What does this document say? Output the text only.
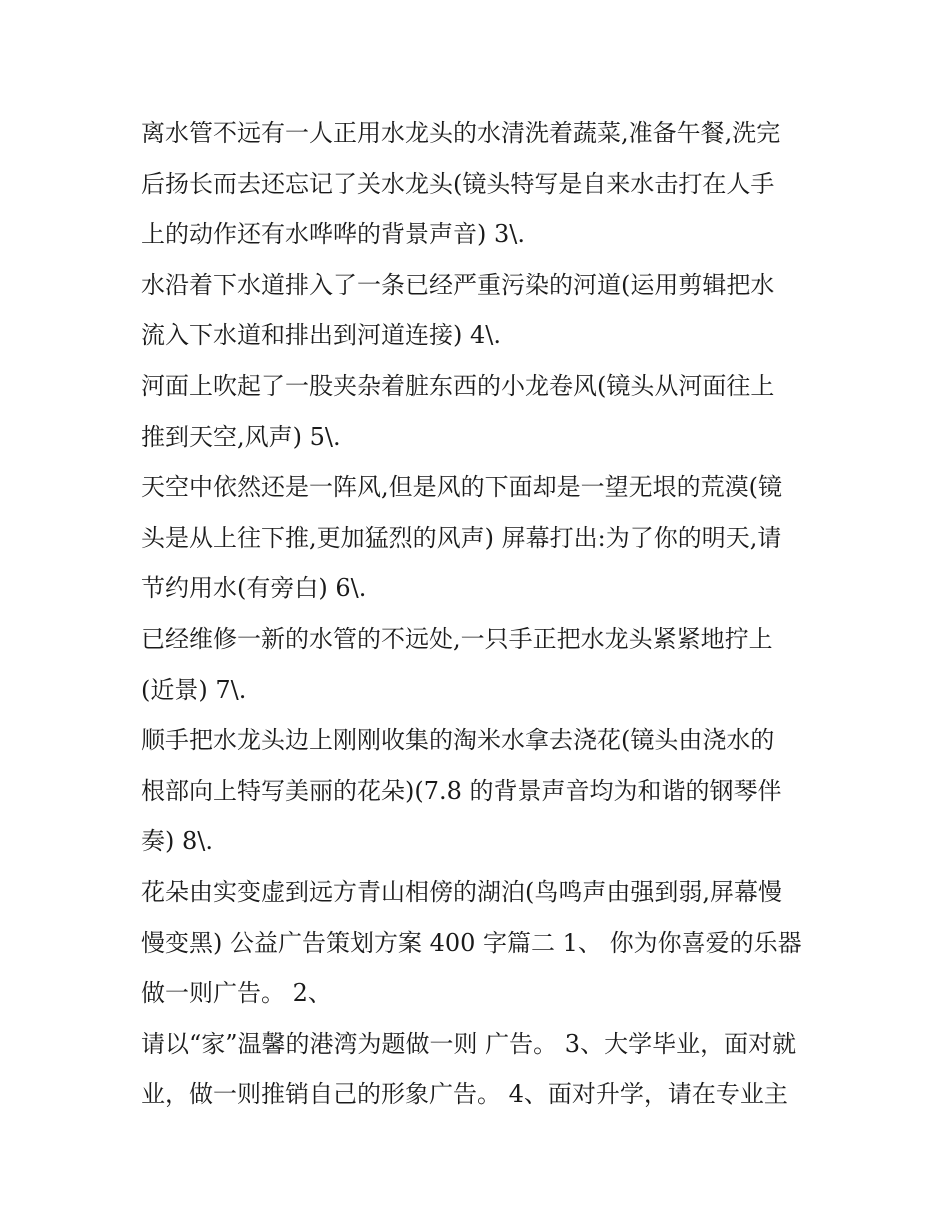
离水管不远有一人正用水龙头的水清洗着蔬菜,准备午餐,洗完
后扬长而去还忘记了关水龙头(镜头特写是自来水击打在人手
上的动作还有水哗哗的背景声音) 3\.
水沿着下水道排入了一条已经严重污染的河道(运用剪辑把水
流入下水道和排出到河道连接) 4\.
河面上吹起了一股夹杂着脏东西的小龙卷风(镜头从河面往上
推到天空,风声) 5\.
天空中依然还是一阵风,但是风的下面却是一望无垠的荒漠(镜
头是从上往下推,更加猛烈的风声) 屏幕打出:为了你的明天,请
节约用水(有旁白) 6\.
已经维修一新的水管的不远处,一只手正把水龙头紧紧地拧上
(近景) 7\.
顺手把水龙头边上刚刚收集的淘米水拿去浇花(镜头由浇水的
根部向上特写美丽的花朵)(7.8 的背景声音均为和谐的钢琴伴
奏) 8\.
花朵由实变虚到远方青山相傍的湖泊(鸟鸣声由强到弱,屏幕慢
慢变黑) 公益广告策划方案 400 字篇二 1、 你为你喜爱的乐器
做一则广告。 2、
请以“家”温馨的港湾为题做一则 广告。 3、大学毕业，面对就
业，做一则推销自己的形象广告。 4、面对升学，请在专业主
